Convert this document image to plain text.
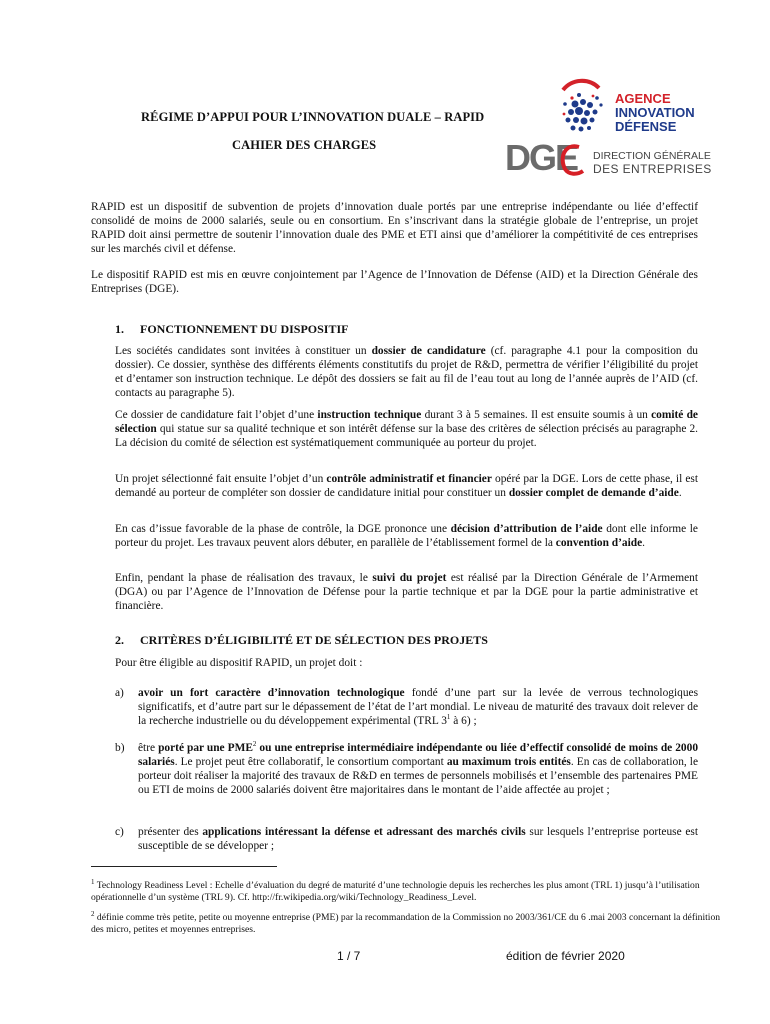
RÉGIME D’APPUI POUR L’INNOVATION DUALE – RAPID
CAHIER DES CHARGES
AGENCE
INNOVATION
DÉFENSE
DGE DIRECTION GÉNÉRALE
DES ENTREPRISES
RAPID est un dispositif de subvention de projets d’innovation duale portés par une entreprise indépendante ou liée d’effectif consolidé de moins de 2000 salariés, seule ou en consortium. En s’inscrivant dans la stratégie globale de l’entreprise, un projet RAPID doit ainsi permettre de soutenir l’innovation duale des PME et ETI ainsi que d’améliorer la compétitivité de ces entreprises sur les marchés civil et défense.
Le dispositif RAPID est mis en œuvre conjointement par l’Agence de l’Innovation de Défense (AID) et la Direction Générale des Entreprises (DGE).
1. FONCTIONNEMENT DU DISPOSITIF
Les sociétés candidates sont invitées à constituer un dossier de candidature (cf. paragraphe 4.1 pour la composition du dossier). Ce dossier, synthèse des différents éléments constitutifs du projet de R&D, permettra de vérifier l’éligibilité du projet et d’entamer son instruction technique. Le dépôt des dossiers se fait au fil de l’eau tout au long de l’année auprès de l’AID (cf. contacts au paragraphe 5).
Ce dossier de candidature fait l’objet d’une instruction technique durant 3 à 5 semaines. Il est ensuite soumis à un comité de sélection qui statue sur sa qualité technique et son intérêt défense sur la base des critères de sélection précisés au paragraphe 2. La décision du comité de sélection est systématiquement communiquée au porteur du projet.
Un projet sélectionné fait ensuite l’objet d’un contrôle administratif et financier opéré par la DGE. Lors de cette phase, il est demandé au porteur de compléter son dossier de candidature initial pour constituer un dossier complet de demande d’aide.
En cas d’issue favorable de la phase de contrôle, la DGE prononce une décision d’attribution de l’aide dont elle informe le porteur du projet. Les travaux peuvent alors débuter, en parallèle de l’établissement formel de la convention d’aide.
Enfin, pendant la phase de réalisation des travaux, le suivi du projet est réalisé par la Direction Générale de l’Armement (DGA) ou par l’Agence de l’Innovation de Défense pour la partie technique et par la DGE pour la partie administrative et financière.
2. CRITÈRES D’ÉLIGIBILITÉ ET DE SÉLECTION DES PROJETS
Pour être éligible au dispositif RAPID, un projet doit :
a) avoir un fort caractère d’innovation technologique fondé d’une part sur la levée de verrous technologiques significatifs, et d’autre part sur le dépassement de l’état de l’art mondial. Le niveau de maturité des travaux doit relever de la recherche industrielle ou du développement expérimental (TRL $3^1$ à 6) ;
b) être porté par une PME$^2$ ou une entreprise intermédiaire indépendante ou liée d’effectif consolidé de moins de 2000 salariés. Le projet peut être collaboratif, le consortium comportant au maximum trois entités. En cas de collaboration, le porteur doit réaliser la majorité des travaux de R&D en termes de personnels mobilisés et l’ensemble des partenaires PME ou ETI de moins de 2000 salariés doivent être majoritaires dans le montant de l’aide affectée au projet ;
c) présenter des applications intéressant la défense et adressant des marchés civils sur lesquels l’entreprise porteuse est susceptible de se développer ;
$^1$ Technology Readiness Level : Echelle d’évaluation du degré de maturité d’une technologie depuis les recherches les plus amont (TRL 1) jusqu’à l’utilisation opérationnelle d’un système (TRL 9). Cf. http://fr.wikipedia.org/wiki/Technology_Readiness_Level.
$^2$ définie comme très petite, petite ou moyenne entreprise (PME) par la recommandation de la Commission no 2003/361/CE du 6 .mai 2003 concernant la définition des micro, petites et moyennes entreprises.
1 / 7	édition de février 2020
